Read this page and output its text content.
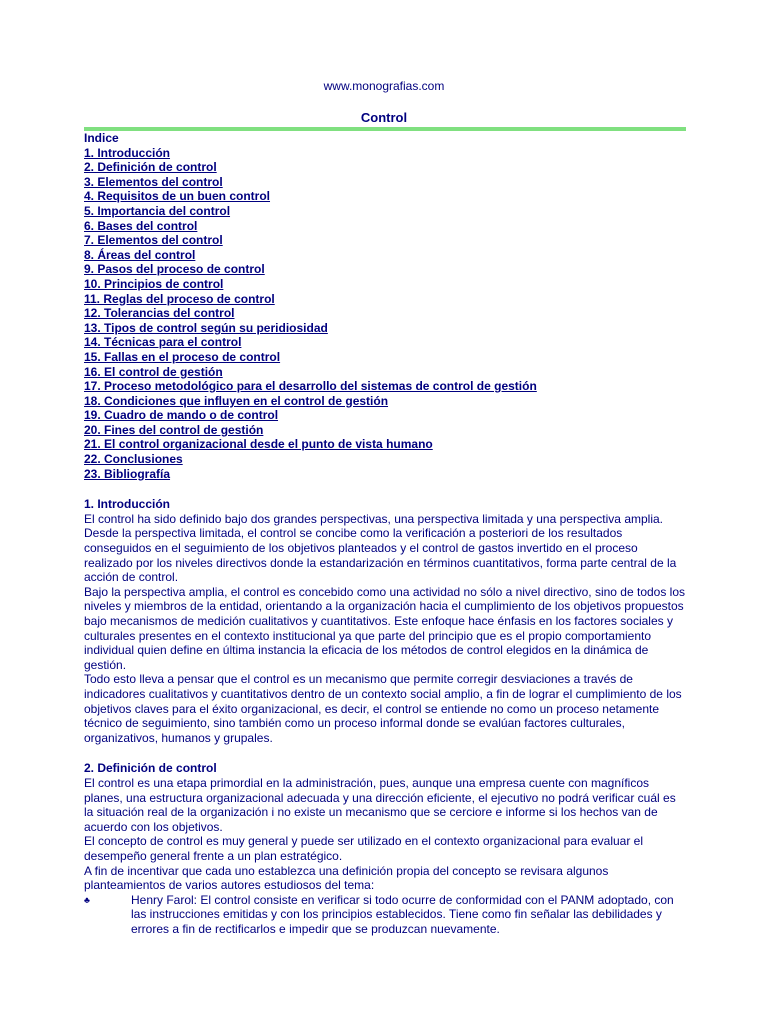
www.monografias.com
Control
Indice
1. Introducción
2. Definición de control
3. Elementos del control
4. Requisitos de un buen control
5. Importancia del control
6. Bases del control
7. Elementos del control
8. Áreas del control
9. Pasos del proceso de control
10. Principios de control
11. Reglas del proceso de control
12. Tolerancias del control
13. Tipos de control según su peridiosidad
14. Técnicas para el control
15. Fallas en el proceso de control
16. El control de gestión
17. Proceso metodológico para el desarrollo del sistemas de control de gestión
18. Condiciones que influyen en el control de gestión
19. Cuadro de mando o de control
20. Fines del control de gestión
21. El control organizacional desde el punto de vista humano
22. Conclusiones
23. Bibliografía
1. Introducción

El control ha sido definido bajo dos grandes perspectivas, una perspectiva limitada y una perspectiva amplia. Desde la perspectiva limitada, el control se concibe como la verificación a posteriori de los resultados conseguidos en el seguimiento de los objetivos planteados y el control de gastos invertido en el proceso realizado por los niveles directivos donde la estandarización en términos cuantitativos, forma parte central de la acción de control.

Bajo la perspectiva amplia, el control es concebido como una actividad no sólo a nivel directivo, sino de todos los niveles y miembros de la entidad, orientando a la organización hacia el cumplimiento de los objetivos propuestos bajo mecanismos de medición cualitativos y cuantitativos. Este enfoque hace énfasis en los factores sociales y culturales presentes en el contexto institucional ya que parte del principio que es el propio comportamiento individual quien define en última instancia la eficacia de los métodos de control elegidos en la dinámica de gestión.

Todo esto lleva a pensar que el control es un mecanismo que permite corregir desviaciones a través de indicadores cualitativos y cuantitativos dentro de un contexto social amplio, a fin de lograr el cumplimiento de los objetivos claves para el éxito organizacional, es decir, el control se entiende no como un proceso netamente técnico de seguimiento, sino también como un proceso informal donde se evalúan factores culturales, organizativos, humanos y grupales.

2. Definición de control

El control es una etapa primordial en la administración, pues, aunque una empresa cuente con magníficos planes, una estructura organizacional adecuada y una dirección eficiente, el ejecutivo no podrá verificar cuál es la situación real de la organización i no existe un mecanismo que se cerciore e informe si los hechos van de acuerdo con los objetivos.

El concepto de control es muy general y puede ser utilizado en el contexto organizacional para evaluar el desempeño general frente a un plan estratégico.

A fin de incentivar que cada uno establezca una definición propia del concepto se revisara algunos planteamientos de varios autores estudiosos del tema:

♣	Henry Farol: El control consiste en verificar si todo ocurre de conformidad con el PANM adoptado, con las instrucciones emitidas y con los principios establecidos. Tiene como fin señalar las debilidades y errores a fin de rectificarlos e impedir que se produzcan nuevamente.
